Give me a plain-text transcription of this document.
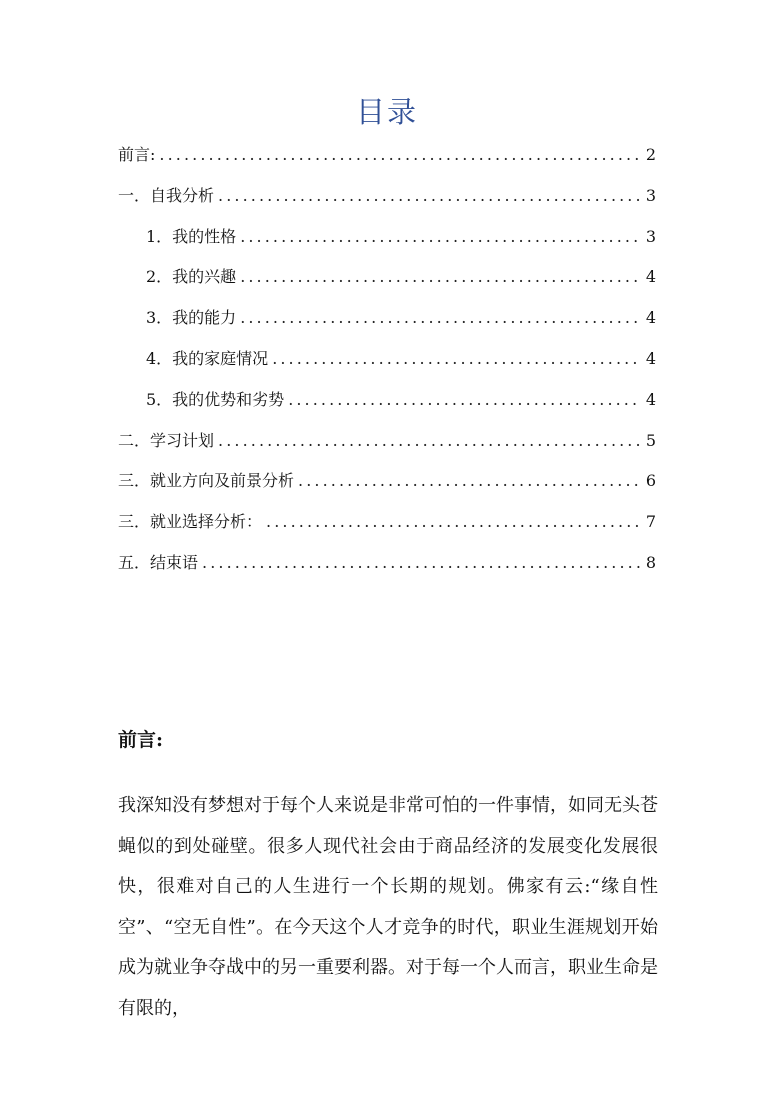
目录
前言: .....	2
一．自我分析 .....	3
1．我的性格 .....	3
2．我的兴趣 .....	4
3．我的能力 .....	4
4．我的家庭情况 .....	4
5．我的优势和劣势 .....	4
二．学习计划 .....	5
三．就业方向及前景分析 .....	6
三．就业选择分析： .....	7
五．结束语 .....	8
前言:

我深知没有梦想对于每个人来说是非常可怕的一件事情，如同无头苍蝇似的到处碰壁。很多人现代社会由于商品经济的发展变化发展很快，很难对自己的人生进行一个长期的规划。佛家有云:“缘自性空”、“空无自性”。在今天这个人才竞争的时代，职业生涯规划开始成为就业争夺战中的另一重要利器。对于每一个人而言，职业生命是有限的，
